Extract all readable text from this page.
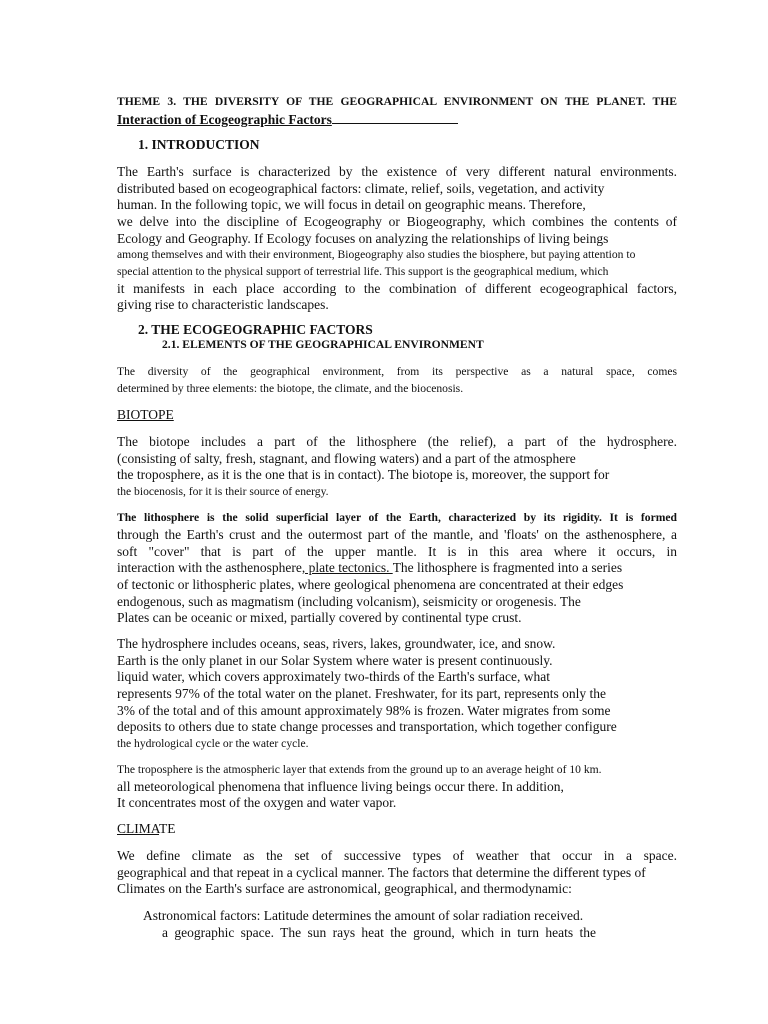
THEME 3. THE DIVERSITY OF THE GEOGRAPHICAL ENVIRONMENT ON THE PLANET. THE
Interaction of Ecogeographic Factors
1. INTRODUCTION
The Earth's surface is characterized by the existence of very different natural environments.
distributed based on ecogeographical factors: climate, relief, soils, vegetation, and activity
human. In the following topic, we will focus in detail on geographic means. Therefore,
we delve into the discipline of Ecogeography or Biogeography, which combines the contents of
Ecology and Geography. If Ecology focuses on analyzing the relationships of living beings
among themselves and with their environment, Biogeography also studies the biosphere, but paying attention to
special attention to the physical support of terrestrial life. This support is the geographical medium, which
it manifests in each place according to the combination of different ecogeographical factors,
giving rise to characteristic landscapes.
2. THE ECOGEOGRAPHIC FACTORS
2.1. ELEMENTS OF THE GEOGRAPHICAL ENVIRONMENT
The diversity of the geographical environment, from its perspective as a natural space, comes
determined by three elements: the biotope, the climate, and the biocenosis.
BIOTOPE
The biotope includes a part of the lithosphere (the relief), a part of the hydrosphere.
(consisting of salty, fresh, stagnant, and flowing waters) and a part of the atmosphere
the troposphere, as it is the one that is in contact). The biotope is, moreover, the support for
the biocenosis, for it is their source of energy.
The lithosphere is the solid superficial layer of the Earth, characterized by its rigidity. It is formed
through the Earth's crust and the outermost part of the mantle, and 'floats' on the asthenosphere, a
soft "cover" that is part of the upper mantle. It is in this area where it occurs, in
interaction with the asthenosphere, plate tectonics. The lithosphere is fragmented into a series
of tectonic or lithospheric plates, where geological phenomena are concentrated at their edges
endogenous, such as magmatism (including volcanism), seismicity or orogenesis. The
Plates can be oceanic or mixed, partially covered by continental type crust.
The hydrosphere includes oceans, seas, rivers, lakes, groundwater, ice, and snow.
Earth is the only planet in our Solar System where water is present continuously.
liquid water, which covers approximately two-thirds of the Earth's surface, what
represents 97% of the total water on the planet. Freshwater, for its part, represents only the
3% of the total and of this amount approximately 98% is frozen. Water migrates from some
deposits to others due to state change processes and transportation, which together configure
the hydrological cycle or the water cycle.
The troposphere is the atmospheric layer that extends from the ground up to an average height of 10 km.
all meteorological phenomena that influence living beings occur there. In addition,
It concentrates most of the oxygen and water vapor.
CLIMATE
We define climate as the set of successive types of weather that occur in a space.
geographical and that repeat in a cyclical manner. The factors that determine the different types of
Climates on the Earth's surface are astronomical, geographical, and thermodynamic:
Astronomical factors: Latitude determines the amount of solar radiation received.
a geographic space. The sun rays heat the ground, which in turn heats the
